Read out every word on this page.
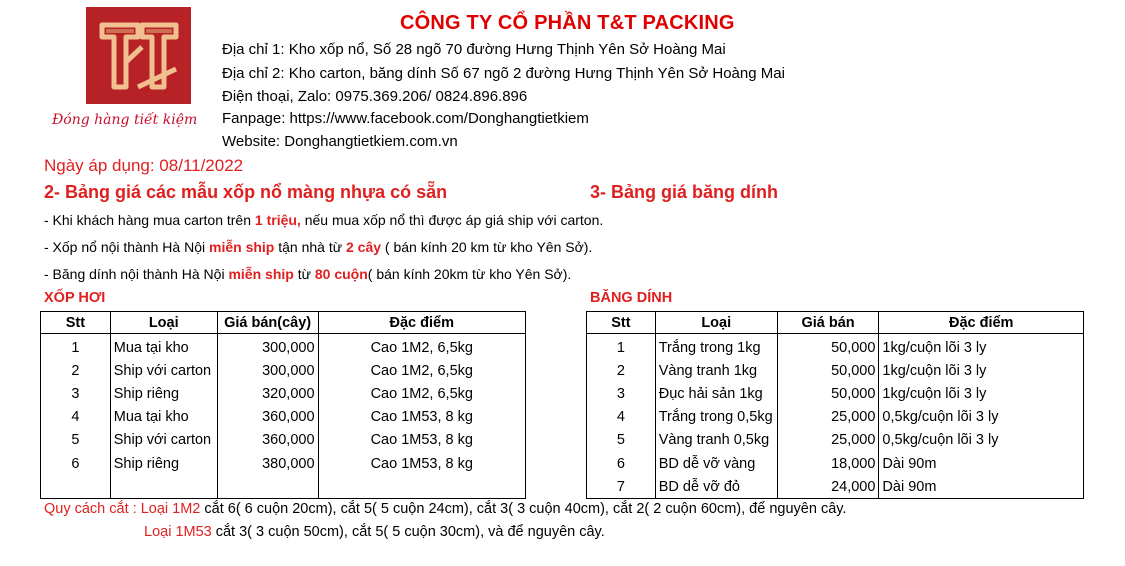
Đóng hàng tiết kiệm
CÔNG TY CỔ PHẦN T&T PACKING
Địa chỉ 1: Kho xốp nổ, Số 28 ngõ 70 đường Hưng Thịnh Yên Sở Hoàng Mai
Địa chỉ 2: Kho carton, băng dính Số 67 ngõ 2 đường Hưng Thịnh Yên Sở Hoàng Mai
Điện thoại, Zalo: 0975.369.206/ 0824.896.896
Fanpage: https://www.facebook.com/Donghangtietkiem
Website: Donghangtietkiem.com.vn
Ngày áp dụng: 08/11/2022
2- Bảng giá các mẫu xốp nổ màng nhựa có sẵn	3- Bảng giá băng dính
- Khi khách hàng mua carton trên 1 triệu, nếu mua xốp nổ thì được áp giá ship với carton.
- Xốp nổ nội thành Hà Nội miễn ship tận nhà từ 2 cây ( bán kính 20 km từ kho Yên Sở).
- Băng dính nội thành Hà Nội miễn ship từ 80 cuộn( bán kính 20km từ kho Yên Sở).
XỐP HƠI	BĂNG DÍNH
Stt	Loại	Giá bán(cây)	Đặc điểm
1	Mua tại kho	300,000	Cao 1M2, 6,5kg
2	Ship với carton	300,000	Cao 1M2, 6,5kg
3	Ship riêng	320,000	Cao 1M2, 6,5kg
4	Mua tại kho	360,000	Cao 1M53, 8 kg
5	Ship với carton	360,000	Cao 1M53, 8 kg
6	Ship riêng	380,000	Cao 1M53, 8 kg

Stt	Loại	Giá bán	Đặc điểm
1	Trắng trong 1kg	50,000	1kg/cuộn lõi 3 ly
2	Vàng tranh 1kg	50,000	1kg/cuộn lõi 3 ly
3	Đục hải sản 1kg	50,000	1kg/cuộn lõi 3 ly
4	Trắng trong 0,5kg	25,000	0,5kg/cuộn lõi 3 ly
5	Vàng tranh 0,5kg	25,000	0,5kg/cuộn lõi 3 ly
6	BD dễ vỡ vàng	18,000	Dài 90m
7	BD dễ vỡ đỏ	24,000	Dài 90m
Quy cách cắt : Loại 1M2 cắt 6( 6 cuộn 20cm), cắt 5( 5 cuộn 24cm), cắt 3( 3 cuộn 40cm), cắt 2( 2 cuộn 60cm), để nguyên cây.
Loại 1M53 cắt 3( 3 cuộn 50cm), cắt 5( 5 cuộn 30cm), và để nguyên cây.
